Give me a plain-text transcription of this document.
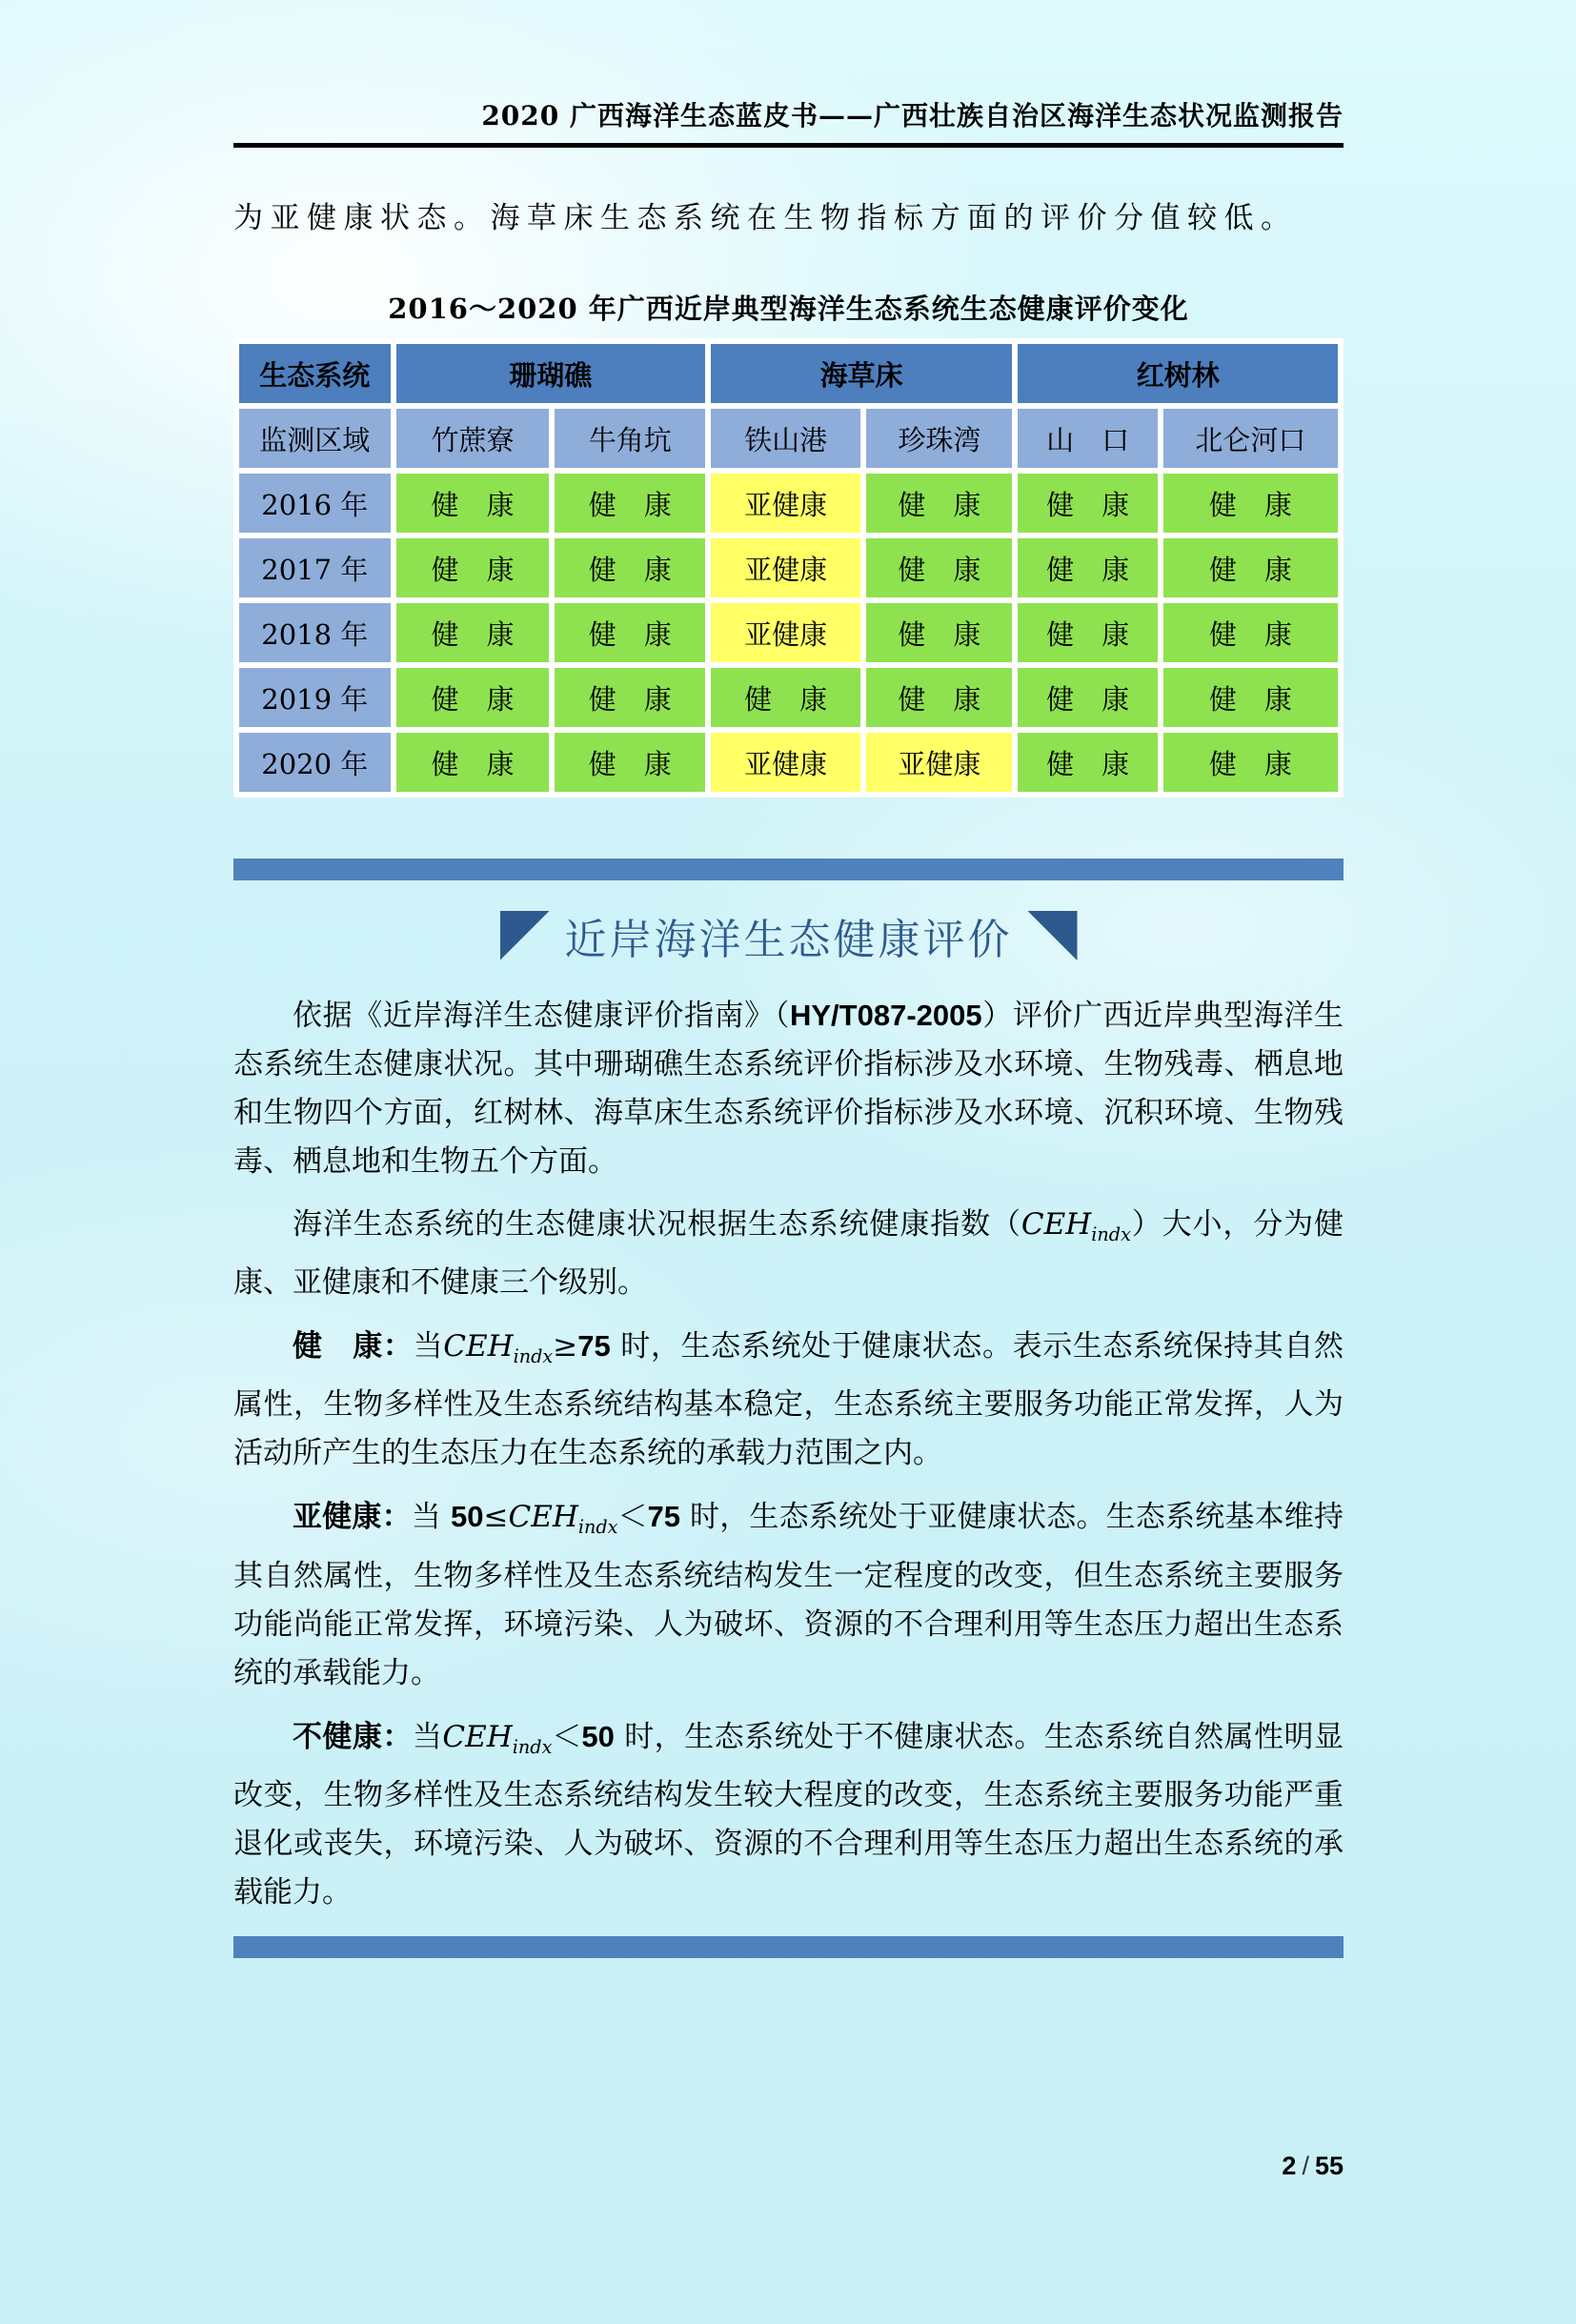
2020 广西海洋生态蓝皮书——广西壮族自治区海洋生态状况监测报告

为亚健康状态。海草床生态系统在生物指标方面的评价分值较低。

2016～2020 年广西近岸典型海洋生态系统生态健康评价变化
生态系统	珊瑚礁		海草床		红树林	
监测区域	竹蔗寮	牛角坑	铁山港	珍珠湾	山　口	北仑河口
2016 年	健　康	健　康	亚健康	健　康	健　康	健　康
2017 年	健　康	健　康	亚健康	健　康	健　康	健　康
2018 年	健　康	健　康	亚健康	健　康	健　康	健　康
2019 年	健　康	健　康	健　康	健　康	健　康	健　康
2020 年	健　康	健　康	亚健康	亚健康	健　康	健　康
近岸海洋生态健康评价

依据《近岸海洋生态健康评价指南》（HY/T087-2005）评价广西近岸典型海洋生态系统生态健康状况。其中珊瑚礁生态系统评价指标涉及水环境、生物残毒、栖息地和生物四个方面，红树林、海草床生态系统评价指标涉及水环境、沉积环境、生物残毒、栖息地和生物五个方面。

海洋生态系统的生态健康状况根据生态系统健康指数$(CEH_{indx})$大小，分为健康、亚健康和不健康三个级别。

健　康：当$CEH_{indx}\ge 75$ 时，生态系统处于健康状态。表示生态系统保持其自然属性，生物多样性及生态系统结构基本稳定，生态系统主要服务功能正常发挥，人为活动所产生的生态压力在生态系统的承载力范围之内。

亚健康：当 $50\le CEH_{indx}<75$ 时，生态系统处于亚健康状态。生态系统基本维持其自然属性，生物多样性及生态系统结构发生一定程度的改变，但生态系统主要服务功能尚能正常发挥，环境污染、人为破坏、资源的不合理利用等生态压力超出生态系统的承载能力。

不健康：当$CEH_{indx}<50$ 时，生态系统处于不健康状态。生态系统自然属性明显改变，生物多样性及生态系统结构发生较大程度的改变，生态系统主要服务功能严重退化或丧失，环境污染、人为破坏、资源的不合理利用等生态压力超出生态系统的承载能力。

2 / 55
